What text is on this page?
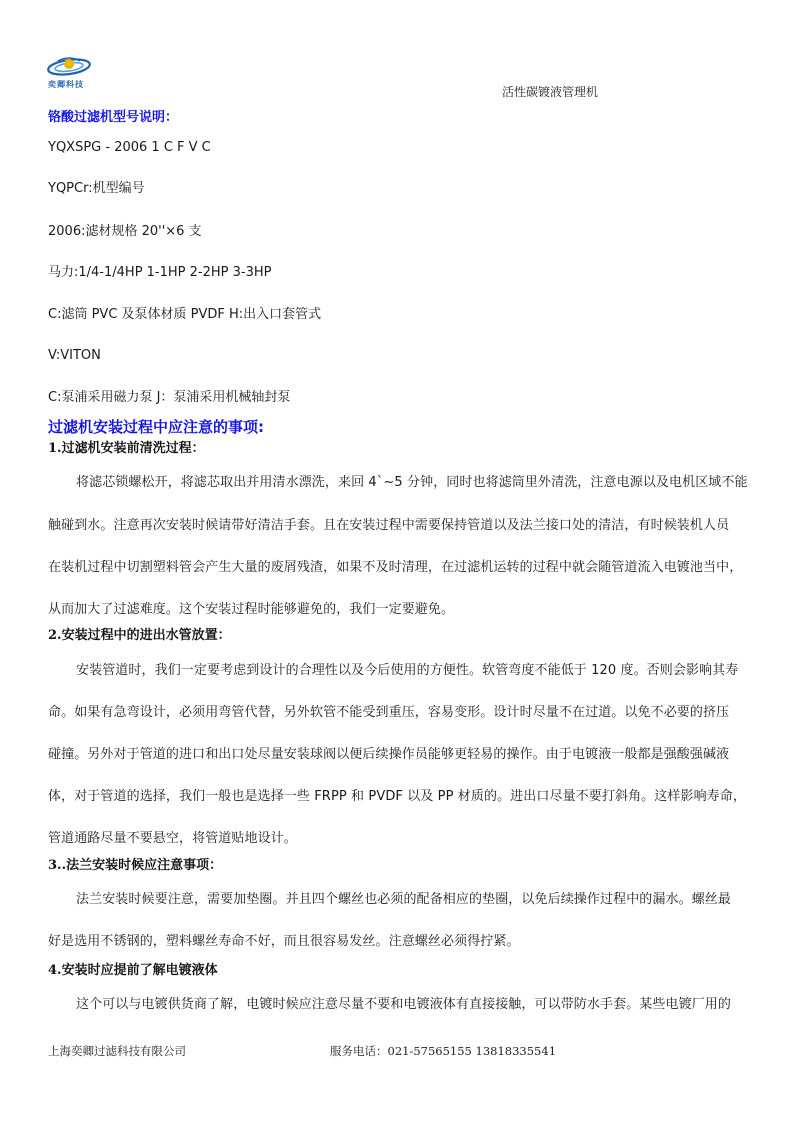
奕卿科技
活性碳镀液管理机
铬酸过滤机型号说明：
YQXSPG - 2006 1 C F V C
YQPCr:机型编号
2006:滤材规格 20''×6 支
马力:1/4-1/4HP 1-1HP 2-2HP 3-3HP
C:滤筒 PVC 及泵体材质 PVDF H:出入口套管式
V:VITON
C:泵浦采用磁力泵 J：泵浦采用机械轴封泵
过滤机安装过程中应注意的事项:
1.过滤机安装前清洗过程：
将滤芯锁螺松开，将滤芯取出并用清水漂洗，来回 4`~5 分钟，同时也将滤筒里外清洗，注意电源以及电机区域不能
触碰到水。注意再次安装时候请带好清洁手套。且在安装过程中需要保持管道以及法兰接口处的清洁，有时候装机人员
在装机过程中切割塑料管会产生大量的废屑残渣，如果不及时清理，在过滤机运转的过程中就会随管道流入电镀池当中，
从而加大了过滤难度。这个安装过程时能够避免的，我们一定要避免。
2.安装过程中的进出水管放置：
安装管道时，我们一定要考虑到设计的合理性以及今后使用的方便性。软管弯度不能低于 120 度。否则会影响其寿
命。如果有急弯设计，必须用弯管代替，另外软管不能受到重压，容易变形。设计时尽量不在过道。以免不必要的挤压
碰撞。另外对于管道的进口和出口处尽量安装球阀以便后续操作员能够更轻易的操作。由于电镀液一般都是强酸强碱液
体，对于管道的选择，我们一般也是选择一些 FRPP 和 PVDF 以及 PP 材质的。进出口尽量不要打斜角。这样影响寿命，
管道通路尽量不要悬空，将管道贴地设计。
3..法兰安装时候应注意事项：
法兰安装时候要注意，需要加垫圈。并且四个螺丝也必须的配备相应的垫圈，以免后续操作过程中的漏水。螺丝最
好是选用不锈钢的，塑料螺丝寿命不好，而且很容易发丝。注意螺丝必须得拧紧。
4.安装时应提前了解电镀液体
这个可以与电镀供货商了解，电镀时候应注意尽量不要和电镀液体有直接接触，可以带防水手套。某些电镀厂用的
上海奕卿过滤科技有限公司	服务电话：021-57565155 13818335541
